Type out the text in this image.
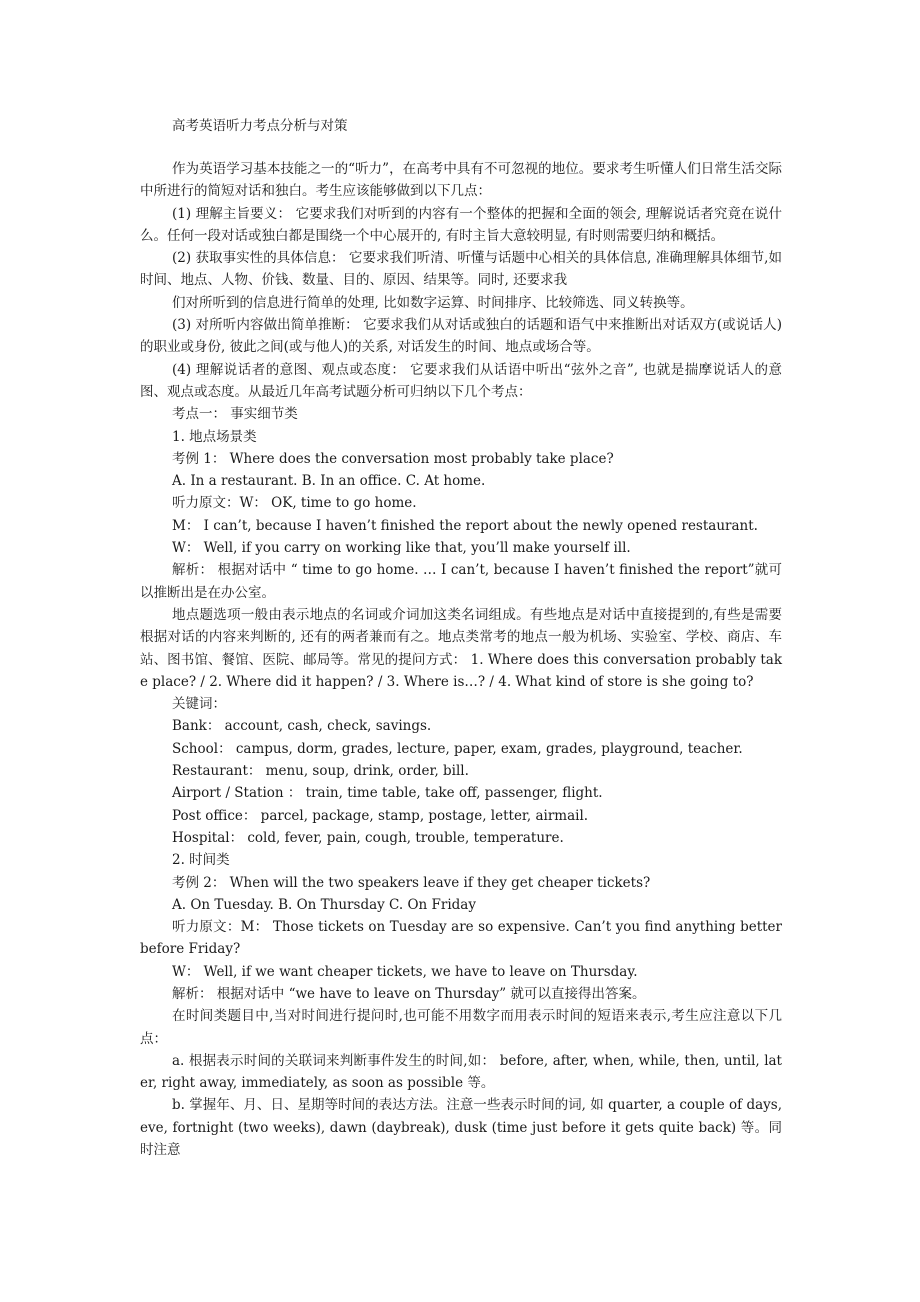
高考英语听力考点分析与对策

作为英语学习基本技能之一的“听力”，在高考中具有不可忽视的地位。要求考生听懂人们日常生活交际中所进行的简短对话和独白。考生应该能够做到以下几点：

(1) 理解主旨要义： 它要求我们对听到的内容有一个整体的把握和全面的领会, 理解说话者究竟在说什么。任何一段对话或独白都是围绕一个中心展开的, 有时主旨大意较明显, 有时则需要归纳和概括。

(2) 获取事实性的具体信息： 它要求我们听清、听懂与话题中心相关的具体信息, 准确理解具体细节,如时间、地点、人物、价钱、数量、目的、原因、结果等。同时, 还要求我

们对所听到的信息进行简单的处理, 比如数字运算、时间排序、比较筛选、同义转换等。

(3) 对所听内容做出简单推断： 它要求我们从对话或独白的话题和语气中来推断出对话双方(或说话人)的职业或身份, 彼此之间(或与他人)的关系, 对话发生的时间、地点或场合等。

(4) 理解说话者的意图、观点或态度： 它要求我们从话语中听出“弦外之音”, 也就是揣摩说话人的意图、观点或态度。从最近几年高考试题分析可归纳以下几个考点：

考点一： 事实细节类

1. 地点场景类

考例 1： Where does the conversation most probably take place?

A. In a restaurant. B. In an office. C. At home.

听力原文：W： OK, time to go home.

M： I can’t, because I haven’t finished the report about the newly opened restaurant.

W： Well, if you carry on working like that, you’ll make yourself ill.

解析： 根据对话中 “ time to go home. … I can’t, because I haven’t finished the report”就可以推断出是在办公室。

地点题选项一般由表示地点的名词或介词加这类名词组成。有些地点是对话中直接提到的,有些是需要根据对话的内容来判断的, 还有的两者兼而有之。地点类常考的地点一般为机场、实验室、学校、商店、车站、图书馆、餐馆、医院、邮局等。常见的提问方式： 1. Where does this conversation probably take place? / 2. Where did it happen? / 3. Where is…? / 4. What kind of store is she going to?

关键词：

Bank： account, cash, check, savings.

School： campus, dorm, grades, lecture, paper, exam, grades, playground, teacher.

Restaurant： menu, soup, drink, order, bill.

Airport / Station ： train, time table, take off, passenger, flight.

Post office： parcel, package, stamp, postage, letter, airmail.

Hospital： cold, fever, pain, cough, trouble, temperature.

2. 时间类

考例 2： When will the two speakers leave if they get cheaper tickets?

A. On Tuesday. B. On Thursday C. On Friday

听力原文：M： Those tickets on Tuesday are so expensive. Can’t you find anything better before Friday?

W： Well, if we want cheaper tickets, we have to leave on Thursday.

解析： 根据对话中 “we have to leave on Thursday” 就可以直接得出答案。

在时间类题目中,当对时间进行提问时,也可能不用数字而用表示时间的短语来表示,考生应注意以下几点：

a. 根据表示时间的关联词来判断事件发生的时间,如： before, after, when, while, then, until, later, right away, immediately, as soon as possible 等。

b. 掌握年、月、日、星期等时间的表达方法。注意一些表示时间的词, 如 quarter, a couple of days, eve, fortnight (two weeks), dawn (daybreak), dusk (time just before it gets quite back) 等。同时注意
